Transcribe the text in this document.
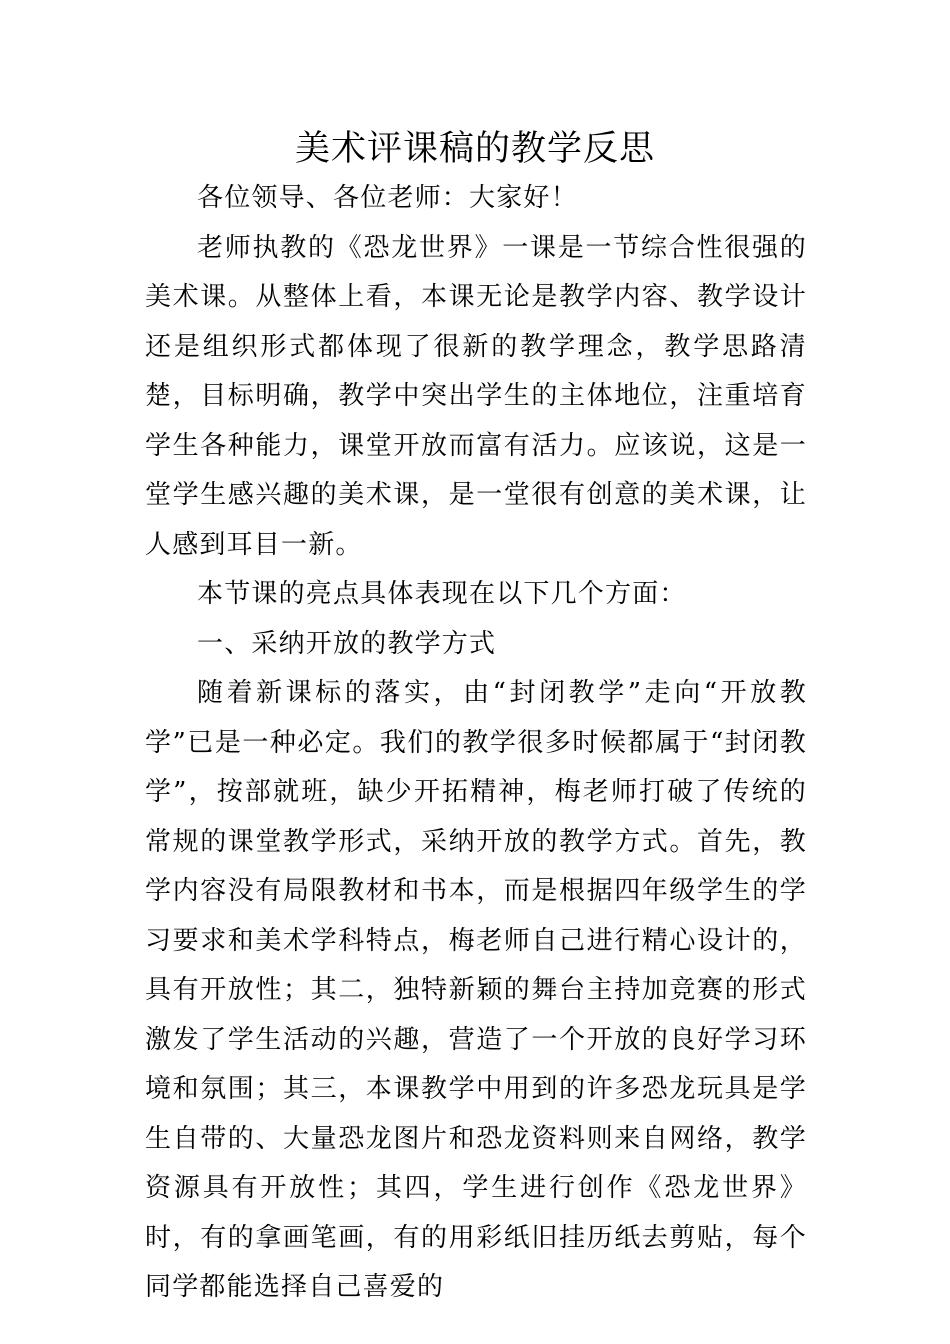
美术评课稿的教学反思

各位领导、各位老师：大家好！

老师执教的《恐龙世界》一课是一节综合性很强的美术课。从整体上看，本课无论是教学内容、教学设计还是组织形式都体现了很新的教学理念，教学思路清楚，目标明确，教学中突出学生的主体地位，注重培育学生各种能力，课堂开放而富有活力。应该说，这是一堂学生感兴趣的美术课，是一堂很有创意的美术课，让人感到耳目一新。

本节课的亮点具体表现在以下几个方面：

一、采纳开放的教学方式

随着新课标的落实，由“封闭教学”走向“开放教学”已是一种必定。我们的教学很多时候都属于“封闭教学”，按部就班，缺少开拓精神，梅老师打破了传统的常规的课堂教学形式，采纳开放的教学方式。首先，教学内容没有局限教材和书本，而是根据四年级学生的学习要求和美术学科特点，梅老师自己进行精心设计的，具有开放性；其二，独特新颖的舞台主持加竞赛的形式激发了学生活动的兴趣，营造了一个开放的良好学习环境和氛围；其三，本课教学中用到的许多恐龙玩具是学生自带的、大量恐龙图片和恐龙资料则来自网络，教学资源具有开放性；其四，学生进行创作《恐龙世界》时，有的拿画笔画，有的用彩纸旧挂历纸去剪贴，每个同学都能选择自己喜爱的
